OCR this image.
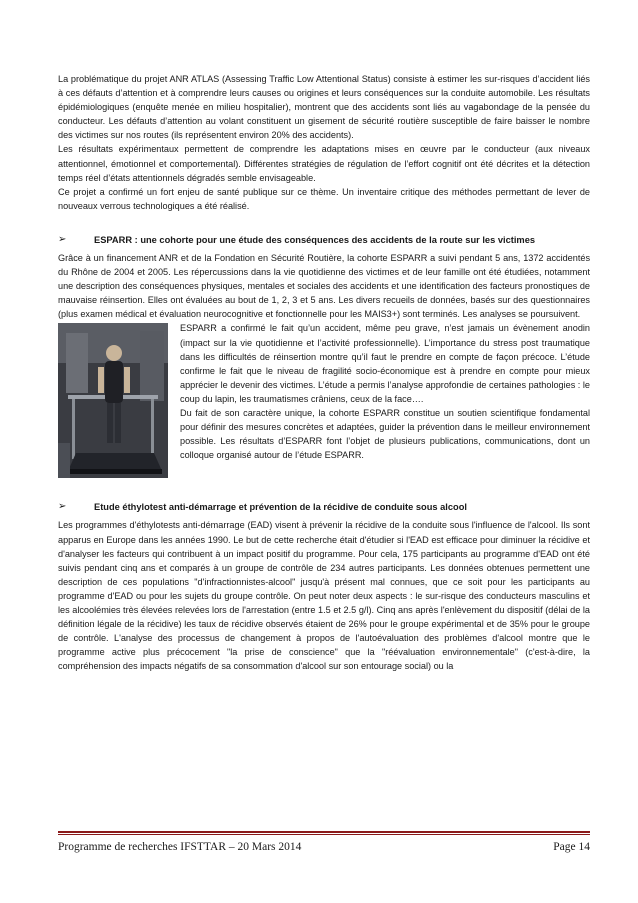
La problématique du projet ANR ATLAS (Assessing Traffic Low Attentional Status) consiste à estimer les sur-risques d’accident liés à ces défauts d’attention et à comprendre leurs causes ou origines et leurs conséquences sur la conduite automobile. Les résultats épidémiologiques (enquête menée en milieu hospitalier), montrent que des accidents sont liés au vagabondage de la pensée du conducteur. Les défauts d’attention au volant constituent un gisement de sécurité routière susceptible de faire baisser le nombre des victimes sur nos routes (ils représentent environ 20% des accidents).

Les résultats expérimentaux permettent de comprendre les adaptations mises en œuvre par le conducteur (aux niveaux attentionnel, émotionnel et comportemental). Différentes stratégies de régulation de l’effort cognitif ont été décrites et la détection temps réel d’états attentionnels dégradés semble envisageable.

Ce projet a confirmé un fort enjeu de santé publique sur ce thème. Un inventaire critique des méthodes permettant de lever de nouveaux verrous technologiques a été réalisé.

➢	ESPARR : une cohorte pour une étude des conséquences des accidents de la route sur les victimes

Grâce à un financement ANR et de la Fondation en Sécurité Routière, la cohorte ESPARR a suivi pendant 5 ans, 1372 accidentés du Rhône de 2004 et 2005. Les répercussions dans la vie quotidienne des victimes et de leur famille ont été étudiées, notamment une description des conséquences physiques, mentales et sociales des accidents et une identification des facteurs pronostiques de mauvaise réinsertion. Elles ont évaluées au bout de 1, 2, 3 et 5 ans. Les divers recueils de données, basés sur des questionnaires (plus examen médical et évaluation neurocognitive et fonctionnelle pour les MAIS3+) sont terminés. Les analyses se poursuivent.

ESPARR a confirmé le fait qu’un accident, même peu grave, n’est jamais un évènement anodin (impact sur la vie quotidienne et l’activité professionnelle). L’importance du stress post traumatique dans les difficultés de réinsertion montre qu’il faut le prendre en compte de façon précoce. L’étude confirme le fait que le niveau de fragilité socio-économique est à prendre en compte pour mieux apprécier le devenir des victimes. L’étude a permis l’analyse approfondie de certaines pathologies : le coup du lapin, les traumatismes crâniens, ceux de la face….

Du fait de son caractère unique, la cohorte ESPARR constitue un soutien scientifique fondamental pour définir des mesures concrètes et adaptées, guider la prévention dans le meilleur environnement possible. Les résultats d’ESPARR font l’objet de plusieurs publications, communications, dont un colloque organisé autour de l’étude ESPARR.

➢	Etude éthylotest anti-démarrage et prévention de la récidive de conduite sous alcool

Les programmes d'éthylotests anti-démarrage (EAD) visent à prévenir la récidive de la conduite sous l'influence de l'alcool. Ils sont apparus en Europe dans les années 1990. Le but de cette recherche était d'étudier si l'EAD est efficace pour diminuer la récidive et d'analyser les facteurs qui contribuent à un impact positif du programme. Pour cela, 175 participants au programme d'EAD ont été suivis pendant cinq ans et comparés à un groupe de contrôle de 234 autres participants. Les données obtenues permettent une description de ces populations "d'infractionnistes-alcool" jusqu'à présent mal connues, que ce soit pour les participants au programme d'EAD ou pour les sujets du groupe contrôle. On peut noter deux aspects : le sur-risque des conducteurs masculins et les alcoolémies très élevées relevées lors de l'arrestation (entre 1.5 et 2.5 g/l). Cinq ans après l'enlèvement du dispositif (délai de la définition légale de la récidive) les taux de récidive observés étaient de 26% pour le groupe expérimental et de 35% pour le groupe de contrôle. L'analyse des processus de changement à propos de l'autoévaluation des problèmes d'alcool montre que le programme active plus précocement "la prise de conscience" que la "réévaluation environnementale" (c'est-à-dire, la compréhension des impacts négatifs de sa consommation d'alcool sur son entourage social) ou la

Programme de recherches IFSTTAR – 20 Mars 2014	Page 14
